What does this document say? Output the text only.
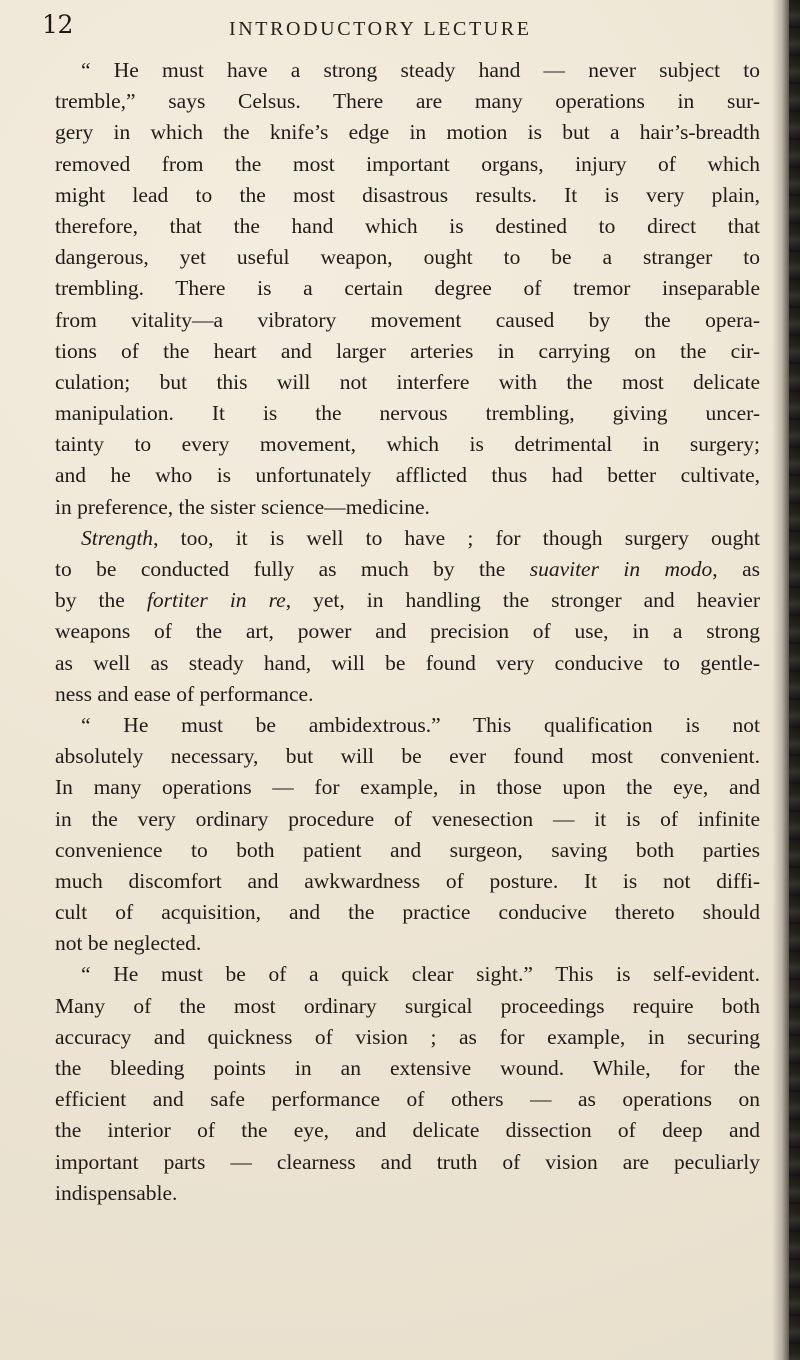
12	INTRODUCTORY LECTURE
“ He must have a strong steady hand — never subject to
tremble,” says Celsus. There are many operations in sur-
gery in which the knife’s edge in motion is but a hair’s-breadth
removed from the most important organs, injury of which
might lead to the most disastrous results. It is very plain,
therefore, that the hand which is destined to direct that
dangerous, yet useful weapon, ought to be a stranger to
trembling. There is a certain degree of tremor inseparable
from vitality—a vibratory movement caused by the opera-
tions of the heart and larger arteries in carrying on the cir-
culation; but this will not interfere with the most delicate
manipulation. It is the nervous trembling, giving uncer-
tainty to every movement, which is detrimental in surgery;
and he who is unfortunately afflicted thus had better cultivate,
in preference, the sister science—medicine.
Strength, too, it is well to have ; for though surgery ought
to be conducted fully as much by the suaviter in modo, as
by the fortiter in re, yet, in handling the stronger and heavier
weapons of the art, power and precision of use, in a strong
as well as steady hand, will be found very conducive to gentle-
ness and ease of performance.
“ He must be ambidextrous.” This qualification is not
absolutely necessary, but will be ever found most convenient.
In many operations — for example, in those upon the eye, and
in the very ordinary procedure of venesection — it is of infinite
convenience to both patient and surgeon, saving both parties
much discomfort and awkwardness of posture. It is not diffi-
cult of acquisition, and the practice conducive thereto should
not be neglected.
“ He must be of a quick clear sight.” This is self-evident.
Many of the most ordinary surgical proceedings require both
accuracy and quickness of vision ; as for example, in securing
the bleeding points in an extensive wound. While, for the
efficient and safe performance of others — as operations on
the interior of the eye, and delicate dissection of deep and
important parts — clearness and truth of vision are peculiarly
indispensable.
